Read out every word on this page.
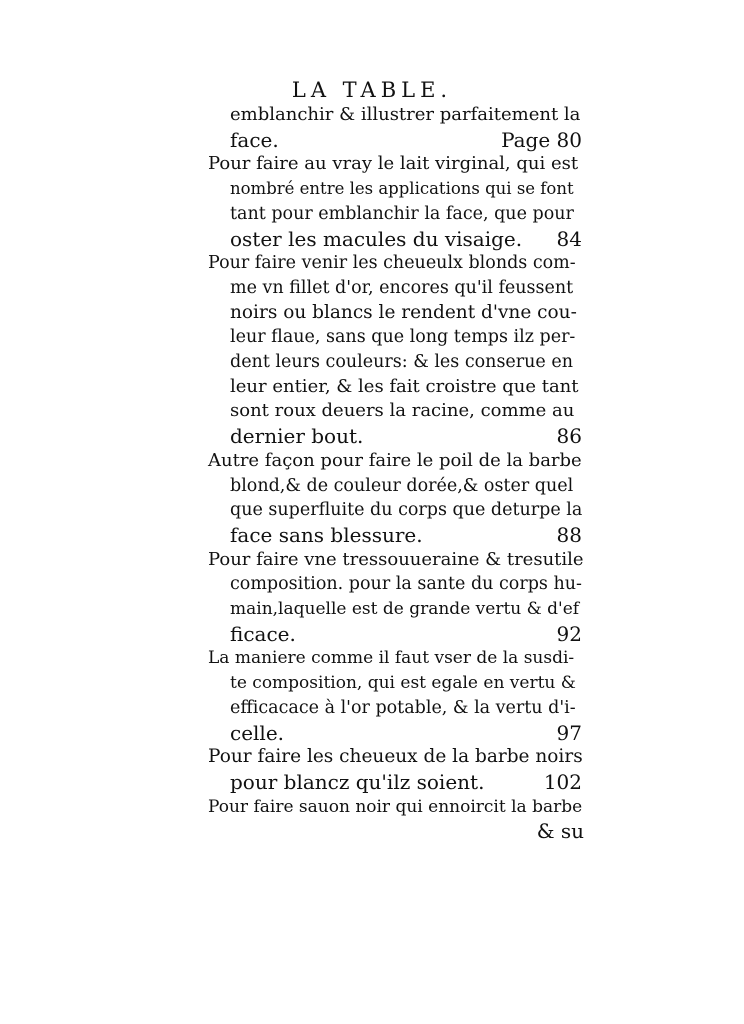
LA TABLE.
emblanchir & illustrer parfaitement la
face.	Page 80
Pour faire au vray le lait virginal, qui est
nombré entre les applications qui se font
tant pour emblanchir la face, que pour
oster les macules du visaige. 84
Pour faire venir les cheueulx blonds com-
me vn fillet d'or, encores qu'il feussent
noirs ou blancs le rendent d'vne cou-
leur flaue, sans que long temps ilz per-
dent leurs couleurs: & les conserue en
leur entier, & les fait croistre que tant
sont roux deuers la racine, comme au
dernier bout.	86
Autre façon pour faire le poil de la barbe
blond,& de couleur dorée,& oster quel
que superfluite du corps que deturpe la
face sans blessure.	88
Pour faire vne tressouueraine & tresutile
composition. pour la sante du corps hu-
main,laquelle est de grande vertu & d'ef
ficace.	92
La maniere comme il faut vser de la susdi-
te composition, qui est egale en vertu &
efficacace à l'or potable, & la vertu d'i-
celle.	97
Pour faire les cheueux de la barbe noirs
pour blancz qu'ilz soient.	102
Pour faire sauon noir qui ennoircit la barbe
& su
